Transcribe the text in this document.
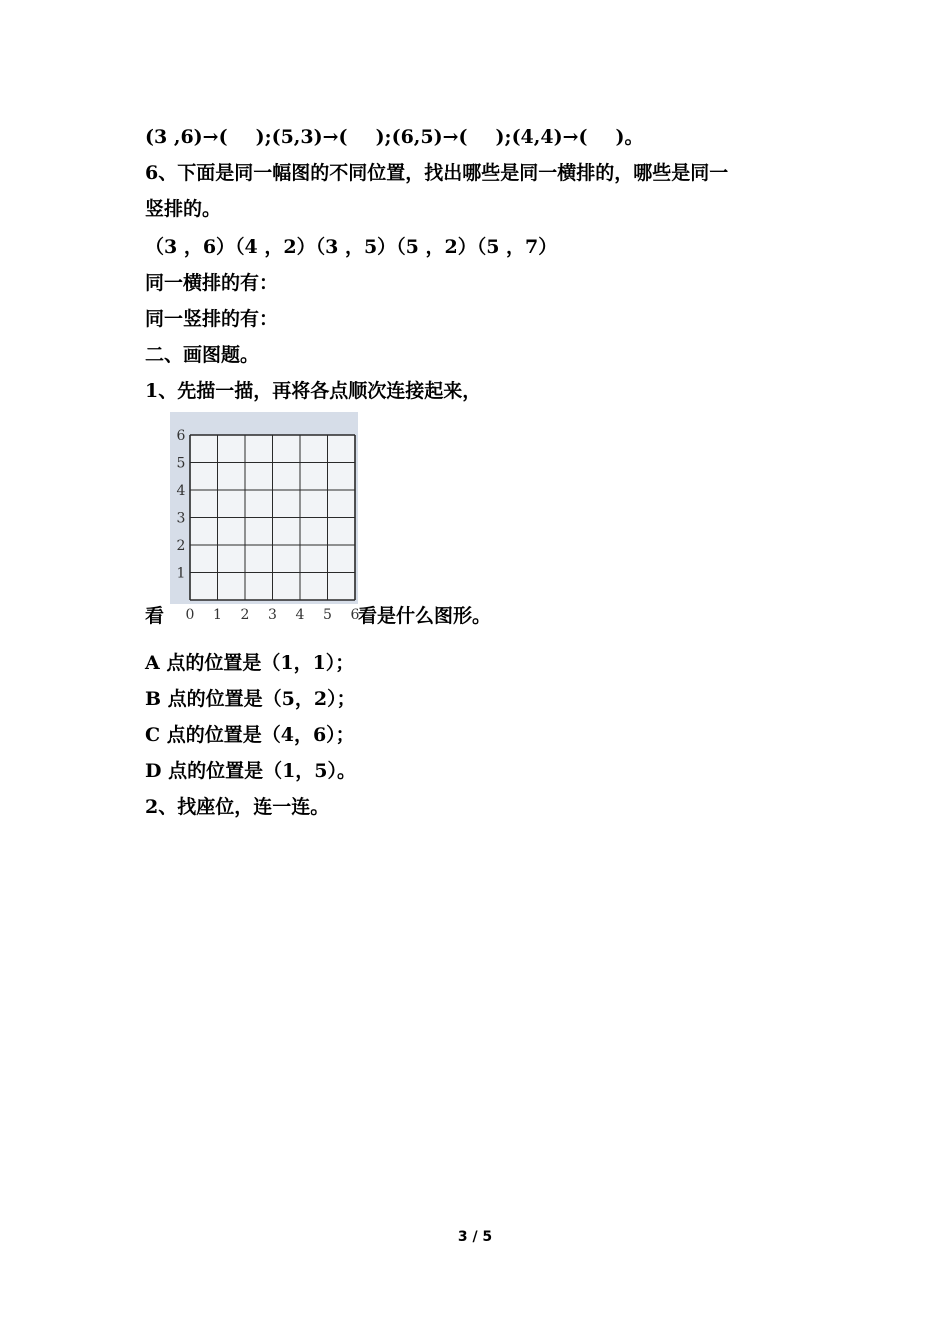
(3 ,6)→( );(5,3)→( );(6,5)→( );(4,4)→( )。
6、下面是同一幅图的不同位置，找出哪些是同一横排的，哪些是同一
竖排的。
（3 ，6）（4 ，2）（3 ，5）（5 ，2）（5 ，7）
同一横排的有：
同一竖排的有：
二、画图题。
1、先描一描，再将各点顺次连接起来，
看 0 1 2 3 4 5 6
1
2
3
4
5
6
看是什么图形。
A 点的位置是（1，1）；
B 点的位置是（5，2）；
C 点的位置是（4，6）；
D 点的位置是（1，5）。
2、找座位，连一连。
3 / 5
